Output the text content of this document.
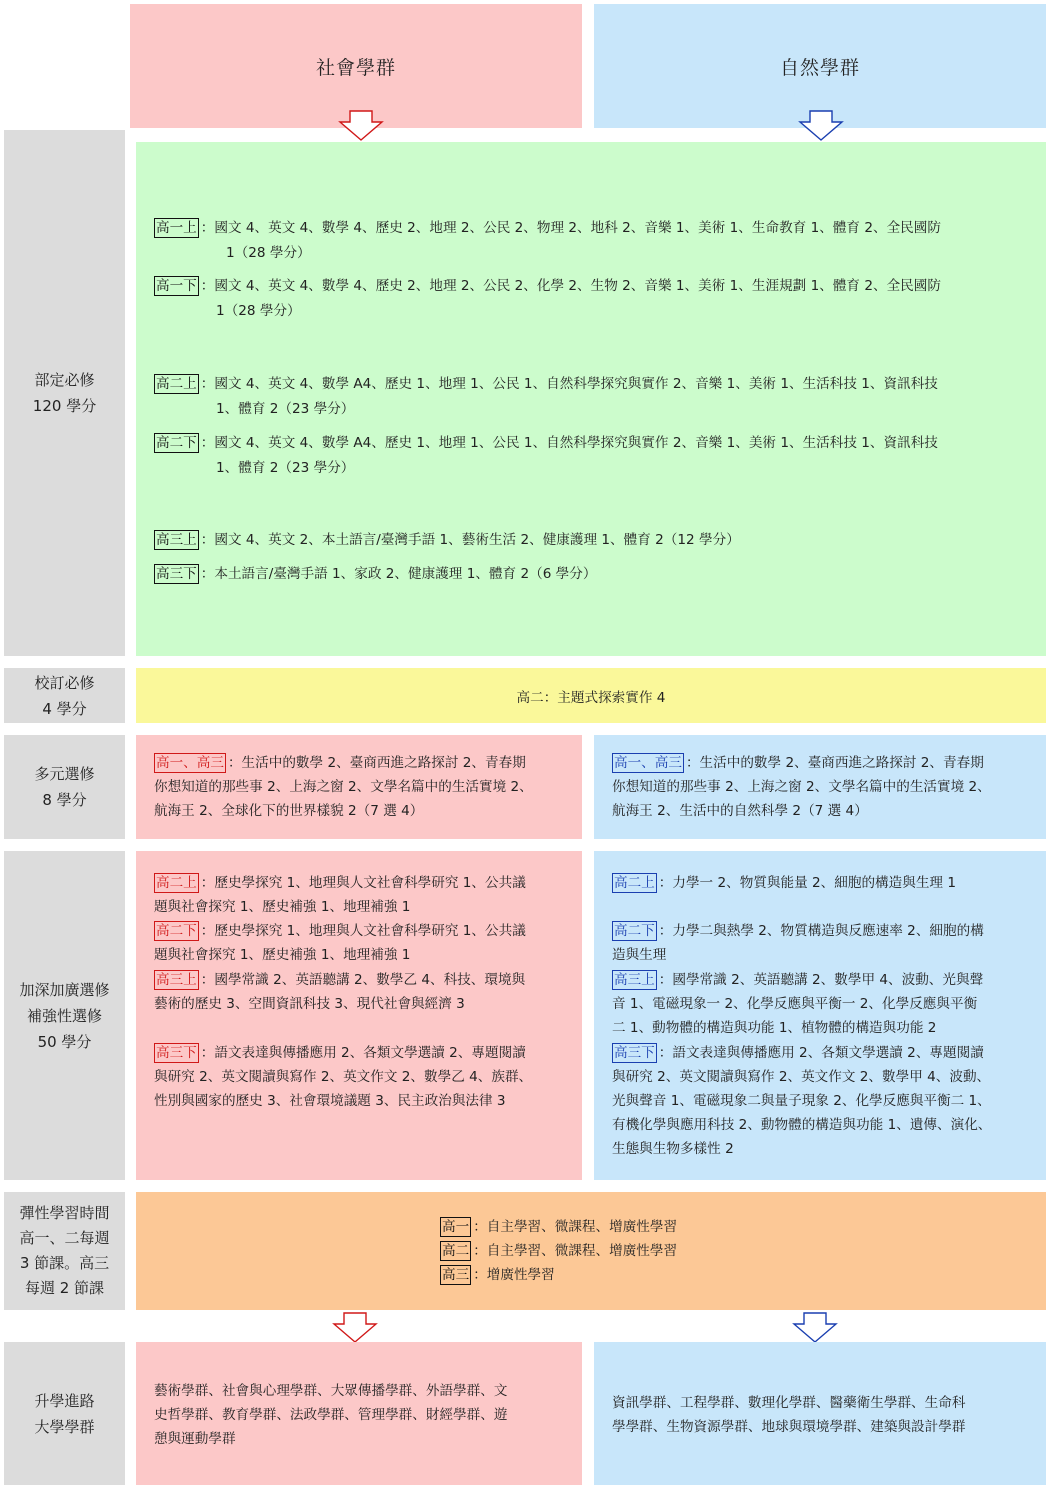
社會學群	自然學群
部定必修
120 學分
高一上 ：國文 4、英文 4、數學 4、歷史 2、地理 2、公民 2、物理 2、地科 2、音樂 1、美術 1、生命教育 1、體育 2、全民國防
1（28 學分）
高一下 ：國文 4、英文 4、數學 4、歷史 2、地理 2、公民 2、化學 2、生物 2、音樂 1、美術 1、生涯規劃 1、體育 2、全民國防
1（28 學分）
高二上 ：國文 4、英文 4、數學 A4、歷史 1、地理 1、公民 1、自然科學探究與實作 2、音樂 1、美術 1、生活科技 1、資訊科技
1、體育 2（23 學分）
高二下 ：國文 4、英文 4、數學 A4、歷史 1、地理 1、公民 1、自然科學探究與實作 2、音樂 1、美術 1、生活科技 1、資訊科技
1、體育 2（23 學分）
高三上 ：國文 4、英文 2、本土語言/臺灣手語 1、藝術生活 2、健康護理 1、體育 2（12 學分）
高三下 ：本土語言/臺灣手語 1、家政 2、健康護理 1、體育 2（6 學分）
校訂必修
4 學分
高二：主題式探索實作 4
多元選修
8 學分
高一、高三 ：生活中的數學 2、臺商西進之路探討 2、青春期
你想知道的那些事 2、上海之窗 2、文學名篇中的生活實境 2、
航海王 2、全球化下的世界樣貌 2（7 選 4）
高一、高三 ：生活中的數學 2、臺商西進之路探討 2、青春期
你想知道的那些事 2、上海之窗 2、文學名篇中的生活實境 2、
航海王 2、生活中的自然科學 2（7 選 4）
加深加廣選修
補強性選修
50 學分
高二上 ：歷史學探究 1、地理與人文社會科學研究 1、公共議
題與社會探究 1、歷史補強 1、地理補強 1
高二下 ：歷史學探究 1、地理與人文社會科學研究 1、公共議
題與社會探究 1、歷史補強 1、地理補強 1
高三上 ：國學常識 2、英語聽講 2、數學乙 4、科技、環境與
藝術的歷史 3、空間資訊科技 3、現代社會與經濟 3
高三下 ：語文表達與傳播應用 2、各類文學選讀 2、專題閱讀
與研究 2、英文閱讀與寫作 2、英文作文 2、數學乙 4、族群、
性別與國家的歷史 3、社會環境議題 3、民主政治與法律 3
高二上 ：力學一 2、物質與能量 2、細胞的構造與生理 1
高二下 ：力學二與熱學 2、物質構造與反應速率 2、細胞的構
造與生理
高三上 ：國學常識 2、英語聽講 2、數學甲 4、波動、光與聲
音 1、電磁現象一 2、化學反應與平衡一 2、化學反應與平衡
二 1、動物體的構造與功能 1、植物體的構造與功能 2
高三下 ：語文表達與傳播應用 2、各類文學選讀 2、專題閱讀
與研究 2、英文閱讀與寫作 2、英文作文 2、數學甲 4、波動、
光與聲音 1、電磁現象二與量子現象 2、化學反應與平衡二 1、
有機化學與應用科技 2、動物體的構造與功能 1、遺傳、演化、
生態與生物多樣性 2
彈性學習時間
高一、二每週
3 節課。高三
每週 2 節課
高一 ：自主學習、微課程、增廣性學習
高二 ：自主學習、微課程、增廣性學習
高三 ：增廣性學習
升學進路
大學學群
藝術學群、社會與心理學群、大眾傳播學群、外語學群、文
史哲學群、教育學群、法政學群、管理學群、財經學群、遊
憩與運動學群
資訊學群、工程學群、數理化學群、醫藥衛生學群、生命科
學學群、生物資源學群、地球與環境學群、建築與設計學群
